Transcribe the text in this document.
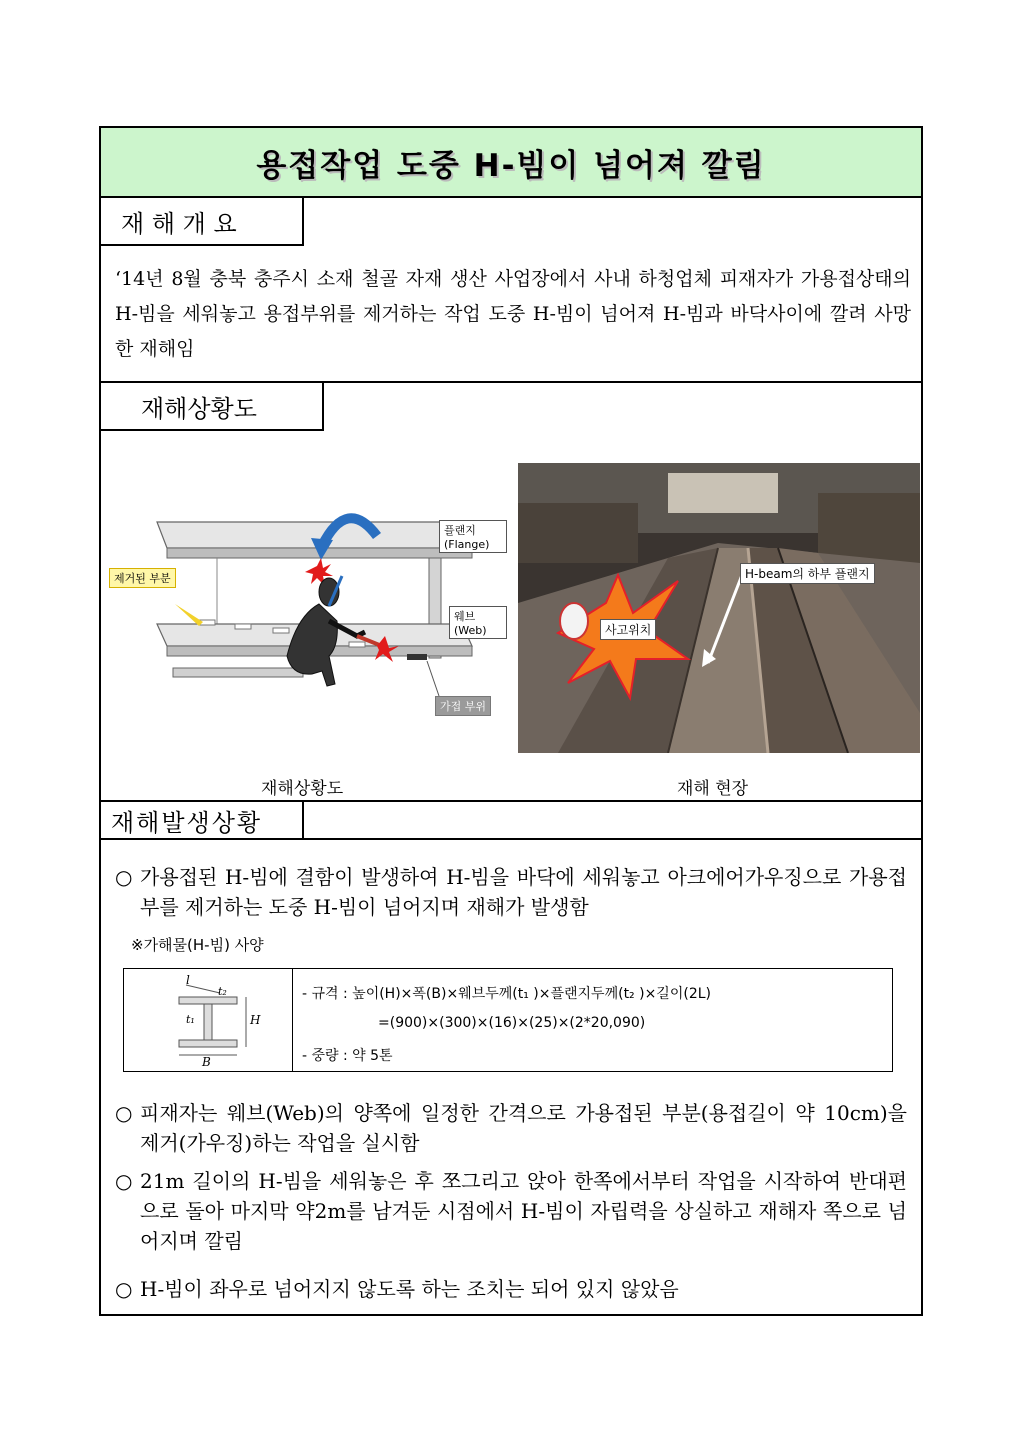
용접작업 도중 H-빔이 넘어져 깔림
재 해 개 요
‘14년 8월 충북 충주시 소재 철골 자재 생산 사업장에서 사내 하청업체 피재자가 가용접상태의 H-빔을 세워놓고 용접부위를 제거하는 작업 도중 H-빔이 넘어져 H-빔과 바닥사이에 깔려 사망한 재해임
재해상황도
플랜지(Flange)
웨브(Web)
제거된 부분
가접 부위
H-beam의 하부 플랜지
사고위치
재해상황도	재해 현장
재해발생상황
○ 가용접된 H-빔에 결함이 발생하여 H-빔을 바닥에 세워놓고 아크에어가우징으로 가용접부를 제거하는 도중 H-빔이 넘어지며 재해가 발생함
※가해물(H-빔) 사양
l
t₂
t₁	H
B
- 규격 : 높이(H)×폭(B)×웨브두께(t₁ )×플랜지두께(t₂ )×길이(2L)
=(900)×(300)×(16)×(25)×(2*20,090)
- 중량 : 약 5톤
○ 피재자는 웨브(Web)의 양쪽에 일정한 간격으로 가용접된 부분(용접길이 약 10cm)을 제거(가우징)하는 작업을 실시함
○ 21m 길이의 H-빔을 세워놓은 후 쪼그리고 앉아 한쪽에서부터 작업을 시작하여 반대편으로 돌아 마지막 약2m를 남겨둔 시점에서 H-빔이 자립력을 상실하고 재해자 쪽으로 넘어지며 깔림
○ H-빔이 좌우로 넘어지지 않도록 하는 조치는 되어 있지 않았음
